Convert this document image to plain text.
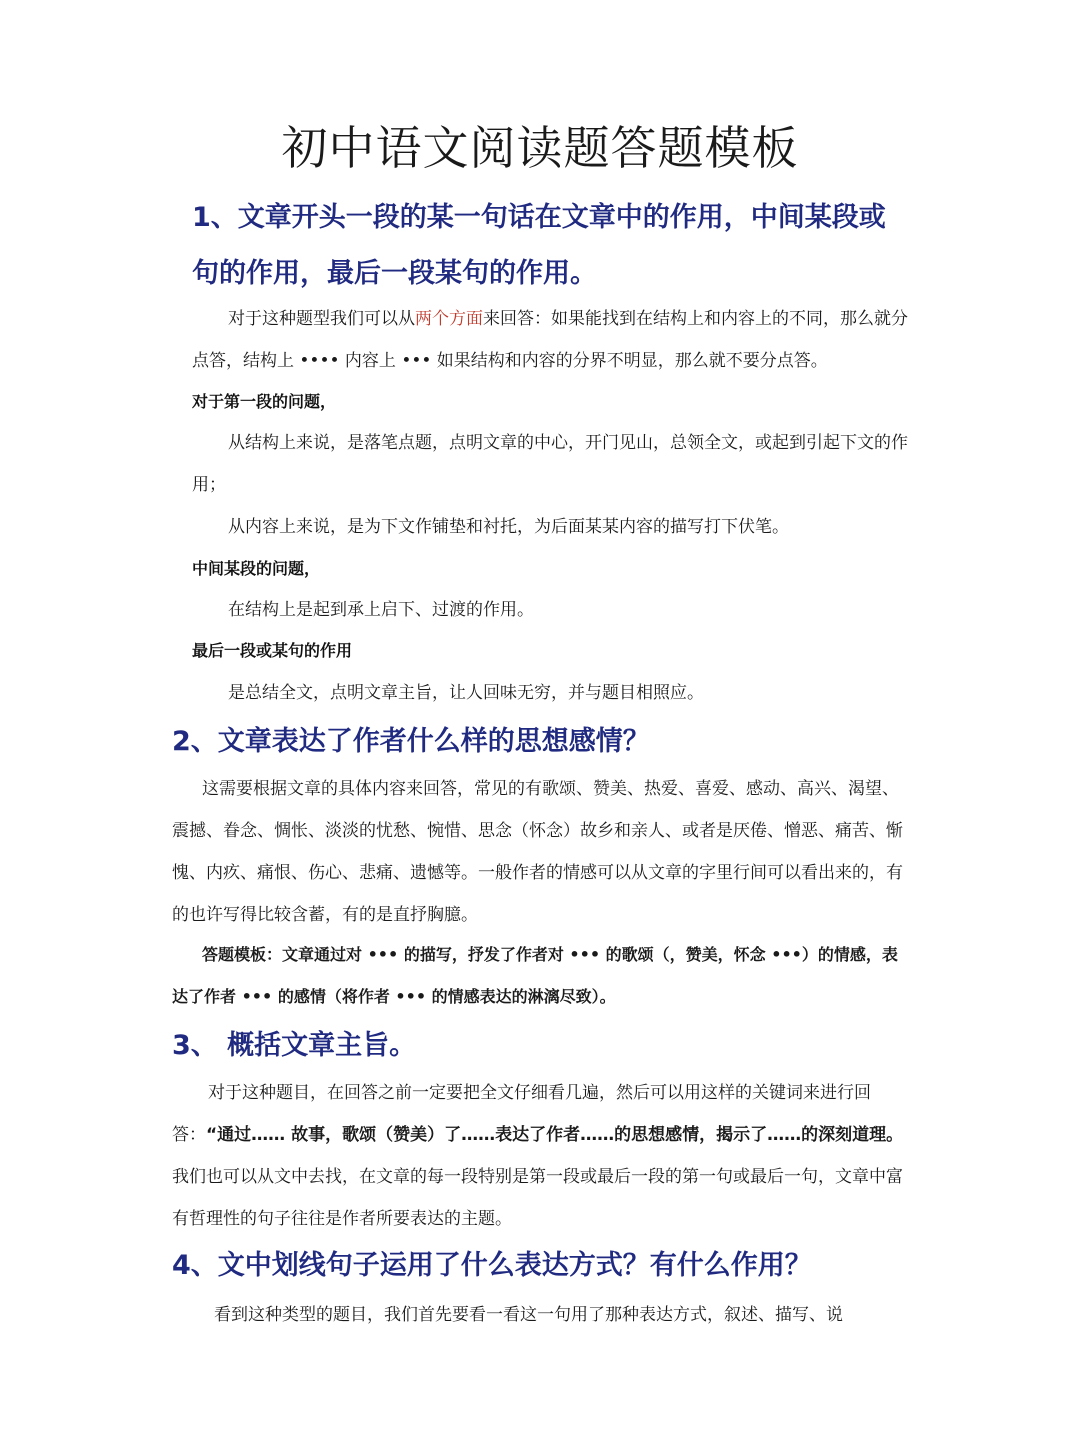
初中语文阅读题答题模板
1、文章开头一段的某一句话在文章中的作用，中间某段或句的作用，最后一段某句的作用。

对于这种题型我们可以从两个方面来回答：如果能找到在结构上和内容上的不同，那么就分点答，结构上 •••• 内容上 ••• 如果结构和内容的分界不明显，那么就不要分点答。

对于第一段的问题，

从结构上来说，是落笔点题，点明文章的中心，开门见山，总领全文，或起到引起下文的作用；

从内容上来说，是为下文作铺垫和衬托，为后面某某内容的描写打下伏笔。

中间某段的问题，

在结构上是起到承上启下、过渡的作用。

最后一段或某句的作用

是总结全文，点明文章主旨，让人回味无穷，并与题目相照应。

2、文章表达了作者什么样的思想感情？

这需要根据文章的具体内容来回答，常见的有歌颂、赞美、热爱、喜爱、感动、高兴、渴望、震撼、眷念、惆怅、淡淡的忧愁、惋惜、思念（怀念）故乡和亲人、或者是厌倦、憎恶、痛苦、惭愧、内疚、痛恨、伤心、悲痛、遗憾等。一般作者的情感可以从文章的字里行间可以看出来的，有的也许写得比较含蓄，有的是直抒胸臆。

答题模板：文章通过对 ••• 的描写，抒发了作者对 ••• 的歌颂（，赞美，怀念 •••）的情感，表达了作者 ••• 的感情（将作者 ••• 的情感表达的淋漓尽致）。

3、 概括文章主旨。

对于这种题目，在回答之前一定要把全文仔细看几遍，然后可以用这样的关键词来进行回答：“通过…… 故事，歌颂（赞美）了……表达了作者……的思想感情，揭示了……的深刻道理。我们也可以从文中去找，在文章的每一段特别是第一段或最后一段的第一句或最后一句，文章中富有哲理性的句子往往是作者所要表达的主题。

4、文中划线句子运用了什么表达方式？有什么作用？

看到这种类型的题目，我们首先要看一看这一句用了那种表达方式，叙述、描写、说
